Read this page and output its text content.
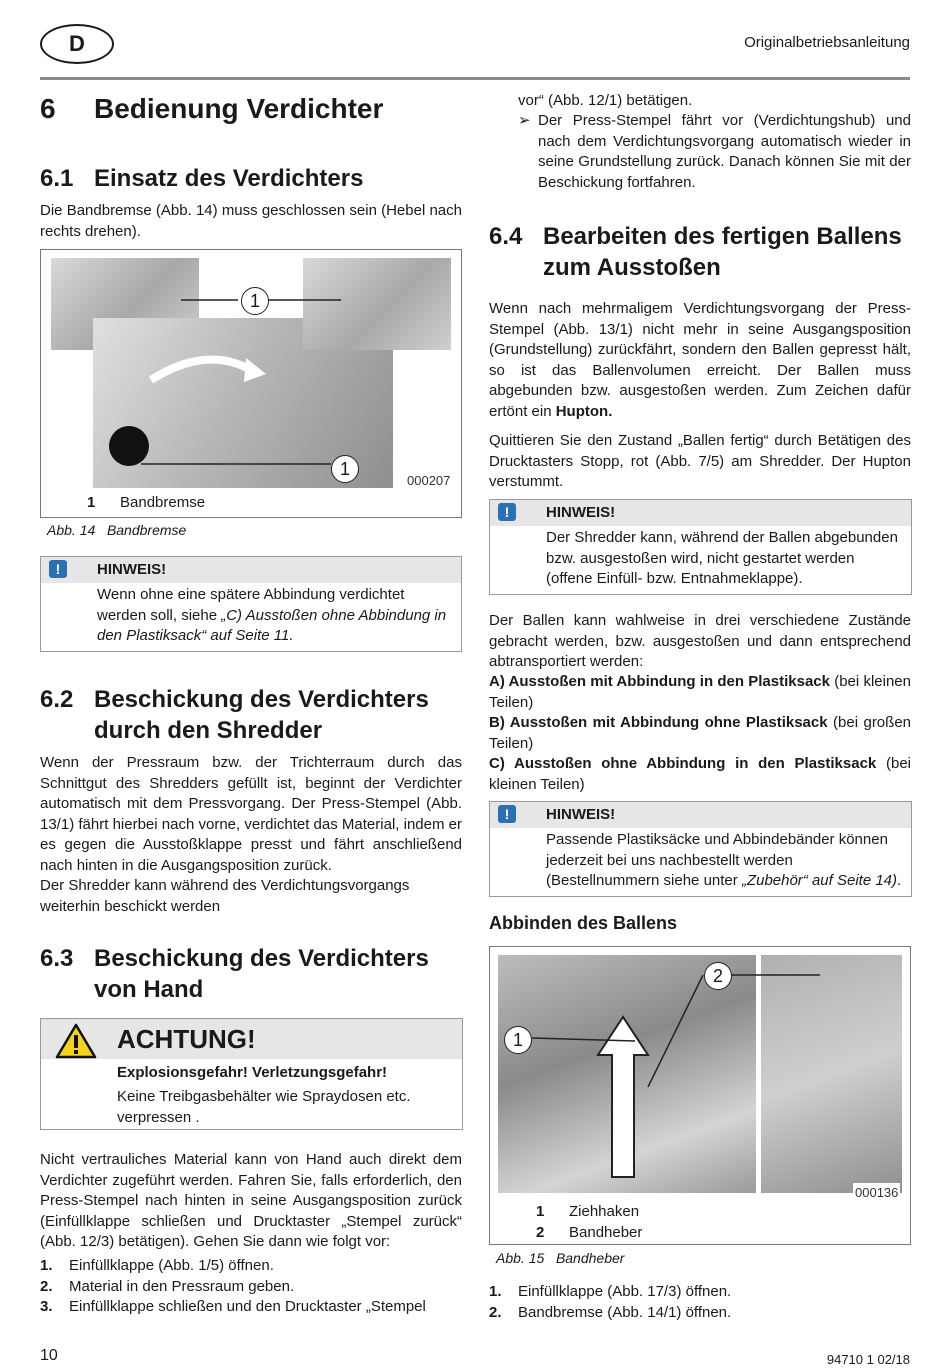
D	Originalbetriebsanleitung
6 Bedienung Verdichter
6.1 Einsatz des Verdichters

Die Bandbremse (Abb. 14) muss geschlossen sein (Hebel nach rechts drehen).

1
1
000207
1 Bandbremse
Abb. 14 Bandbremse
!	HINWEIS!
Wenn ohne eine spätere Abbindung verdichtet werden soll, siehe „C) Ausstoßen ohne Abbindung in den Plastiksack“ auf Seite 11.
6.2 Beschickung des Verdichters
durch den Shredder

Wenn der Pressraum bzw. der Trichterraum durch das Schnittgut des Shredders gefüllt ist, beginnt der Verdichter automatisch mit dem Pressvorgang. Der Press-Stempel (Abb. 13/1) fährt hierbei nach vorne, verdichtet das Material, indem er es gegen die Ausstoßklappe presst und fährt anschließend nach hinten in die Ausgangsposition zurück.

Der Shredder kann während des Verdichtungsvorgangs weiterhin beschickt werden

6.3 Beschickung des Verdichters
von Hand
ACHTUNG!
Explosionsgefahr! Verletzungsgefahr!
Keine Treibgasbehälter wie Spraydosen etc. verpressen .

Nicht vertrauliches Material kann von Hand auch direkt dem Verdichter zugeführt werden. Fahren Sie, falls erforderlich, den Press-Stempel nach hinten in seine Ausgangsposition zurück (Einfüllklappe schließen und Drucktaster „Stempel zurück“ (Abb. 12/3) betätigen). Gehen Sie dann wie folgt vor:

1. Einfüllklappe (Abb. 1/5) öffnen.
2. Material in den Pressraum geben.
3. Einfüllklappe schließen und den Drucktaster „Stempel
vor“ (Abb. 12/1) betätigen.
➢ Der Press-Stempel fährt vor (Verdichtungshub) und nach dem Verdichtungsvorgang automatisch wieder in seine Grundstellung zurück. Danach können Sie mit der Beschickung fortfahren.

6.4 Bearbeiten des fertigen Ballens
zum Ausstoßen

Wenn nach mehrmaligem Verdichtungsvorgang der Press-Stempel (Abb. 13/1) nicht mehr in seine Ausgangsposition (Grundstellung) zurückfährt, sondern den Ballen gepresst hält, so ist das Ballenvolumen erreicht. Der Ballen muss abgebunden bzw. ausgestoßen werden. Zum Zeichen dafür ertönt ein Hupton.

Quittieren Sie den Zustand „Ballen fertig“ durch Betätigen des Drucktasters Stopp, rot (Abb. 7/5) am Shredder. Der Hupton verstummt.

!	HINWEIS!
Der Shredder kann, während der Ballen abgebunden bzw. ausgestoßen wird, nicht gestartet werden (offene Einfüll- bzw. Entnahmeklappe).

Der Ballen kann wahlweise in drei verschiedene Zustände gebracht werden, bzw. ausgestoßen und dann entsprechend abtransportiert werden:

A) Ausstoßen mit Abbindung in den Plastiksack (bei kleinen Teilen)

B) Ausstoßen mit Abbindung ohne Plastiksack (bei großen Teilen)

C) Ausstoßen ohne Abbindung in den Plastiksack (bei kleinen Teilen)

!	HINWEIS!
Passende Plastiksäcke und Abbindebänder können jederzeit bei uns nachbestellt werden (Bestellnummern siehe unter „Zubehör“ auf Seite 14).
Abbinden des Ballens
1
2
000136
1 Ziehhaken
2 Bandheber
Abb. 15 Bandheber
1. Einfüllklappe (Abb. 17/3) öffnen.
2. Bandbremse (Abb. 14/1) öffnen.
10	94710 1 02/18
